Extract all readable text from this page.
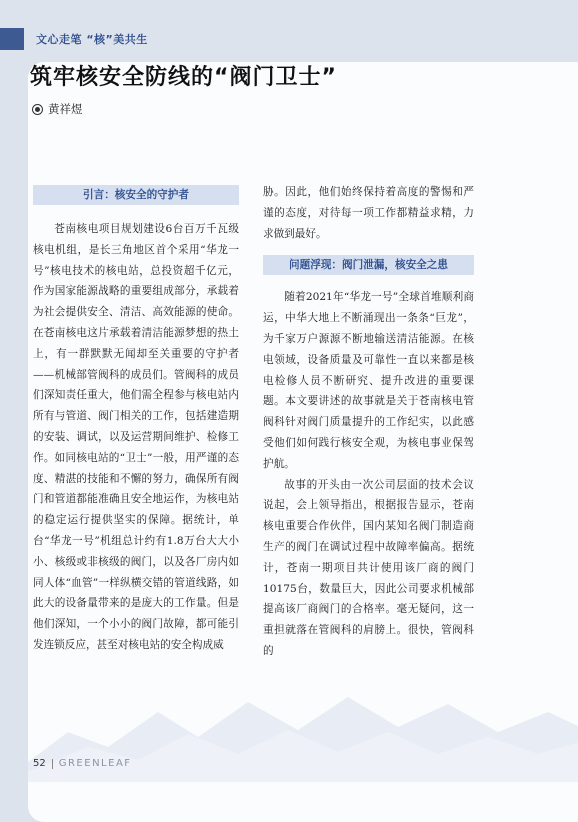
文心走笔 “核”美共生
筑牢核安全防线的“阀门卫士”
黄祥煜
引言：核安全的守护者

苍南核电项目规划建设6台百万千瓦级核电机组，是长三角地区首个采用“华龙一号”核电技术的核电站，总投资超千亿元，作为国家能源战略的重要组成部分，承载着为社会提供安全、清洁、高效能源的使命。在苍南核电这片承载着清洁能源梦想的热土上，有一群默默无闻却至关重要的守护者——机械部管阀科的成员们。管阀科的成员们深知责任重大，他们需全程参与核电站内所有与管道、阀门相关的工作，包括建造期的安装、调试，以及运营期间维护、检修工作。如同核电站的“卫士”一般，用严谨的态度、精湛的技能和不懈的努力，确保所有阀门和管道都能准确且安全地运作，为核电站的稳定运行提供坚实的保障。据统计，单台“华龙一号”机组总计约有1.8万台大大小小、核级或非核级的阀门，以及各厂房内如同人体“血管”一样纵横交错的管道线路，如此大的设备量带来的是庞大的工作量。但是他们深知，一个小小的阀门故障，都可能引发连锁反应，甚至对核电站的安全构成威

胁。因此，他们始终保持着高度的警惕和严谨的态度，对待每一项工作都精益求精，力求做到最好。

问题浮现：阀门泄漏，核安全之患

随着2021年“华龙一号”全球首堆顺利商运，中华大地上不断涌现出一条条“巨龙”，为千家万户源源不断地输送清洁能源。在核电领域，设备质量及可靠性一直以来都是核电检修人员不断研究、提升改进的重要课题。本文要讲述的故事就是关于苍南核电管阀科针对阀门质量提升的工作纪实，以此感受他们如何践行核安全观，为核电事业保驾护航。

故事的开头由一次公司层面的技术会议说起，会上领导指出，根据报告显示，苍南核电重要合作伙伴，国内某知名阀门制造商生产的阀门在调试过程中故障率偏高。据统计，苍南一期项目共计使用该厂商的阀门10175台，数量巨大，因此公司要求机械部提高该厂商阀门的合格率。毫无疑问，这一重担就落在管阀科的肩膀上。很快，管阀科的

52 GREENLEAF
